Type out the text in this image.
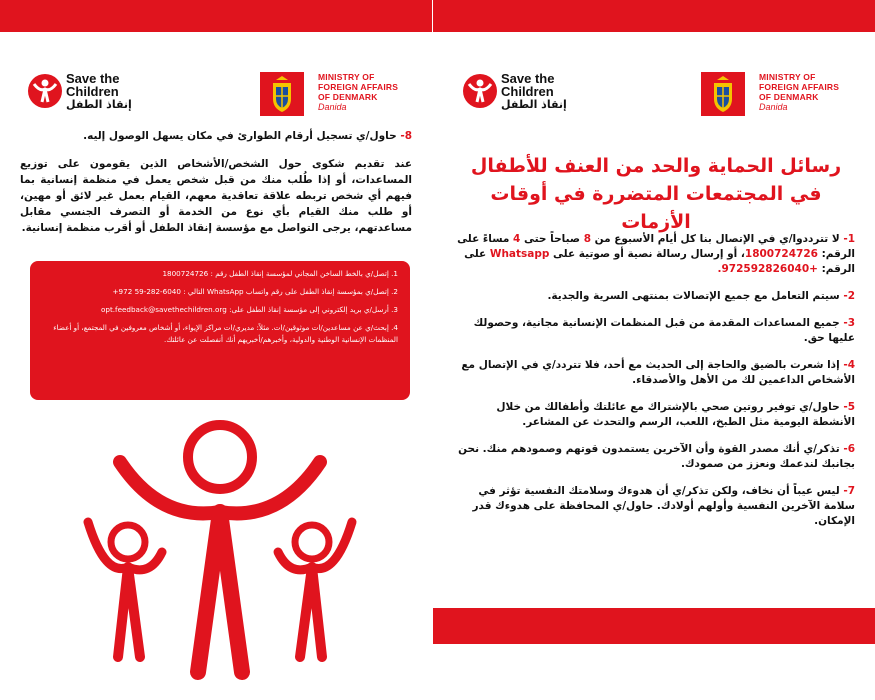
Save the
Children
إنقاذ الطفل
MINISTRY OF
FOREIGN AFFAIRS
OF DENMARK
Danida
8- حاول/ي تسجيل أرقام الطوارئ في مكان يسهل الوصول إليه.
عند تقديم شكوى حول الشخص/الأشخاص الذين يقومون على توزيع المساعدات، أو إذا طُلب منك من قبل شخص يعمل في منظمة إنسانية بما فيهم أي شخص تربطه علاقة تعاقدية معهم، القيام بعمل غير لائق أو مهين، أو طلب منك القيام بأي نوع من الخدمة أو التصرف الجنسي مقابل مساعدتهم، يرجى التواصل مع مؤسسة إنقاذ الطفل أو أقرب منظمة إنسانية.
1. إتصل/ي بالخط الساخن المجاني لمؤسسة إنقاذ الطفل رقم : 1800724726
2. إتصل/ي بمؤسسة إنقاذ الطفل على رقم واتساب WhatsApp التالي : 6040-282-59 972+
3. أرسل/ي بريد إلكتروني إلى مؤسسة إنقاذ الطفل على: opt.feedback@savethechildren.org
4. إبحث/ي عن مساعدين/ات موثوقين/ات. مثلاً: مديري/ات مراكز الإيواء، أو أشخاص معروفين في المجتمع، أو أعضاء المنظمات الإنسانية الوطنية والدولية، وأخبرهم/أخبريهم أنك أنفصلت عن عائلتك.
Save the
Children
إنقاذ الطفل
MINISTRY OF
FOREIGN AFFAIRS
OF DENMARK
Danida
رسائل الحماية والحد من العنف للأطفال
في المجتمعات المتضررة في أوقات الأزمات
1- لا تترددوا/ي في الإتصال بنا كل أيام الأسبوع من 8 صباحاً حتى 4 مساءً على الرقم: 1800724726، أو إرسال رسالة نصية أو صوتية على Whatsapp على الرقم: +972592826040.
2- سيتم التعامل مع جميع الإتصالات بمنتهى السرية والجدية.
3- جميع المساعدات المقدمة من قبل المنظمات الإنسانية مجانية، وحصولك عليها حق.
4- إذا شعرت بالضيق والحاجة إلى الحديث مع أحد، فلا تتردد/ي في الإتصال مع الأشخاص الداعمين لك من الأهل والأصدقاء.
5- حاول/ي توفير روتين صحي بالإشتراك مع عائلتك وأطفالك من خلال الأنشطة اليومية مثل الطبخ، اللعب، الرسم والتحدث عن المشاعر.
6- تذكر/ي أنك مصدر القوة وأن الآخرين يستمدون قوتهم وصمودهم منك. نحن بجانبك لندعمك ونعزز من صمودك.
7- ليس عيباً أن نخاف، ولكن تذكر/ي أن هدوءك وسلامتك النفسية تؤثر في سلامة الآخرين النفسية وأولهم أولادك. حاول/ي المحافظة على هدوءك قدر الإمكان.
